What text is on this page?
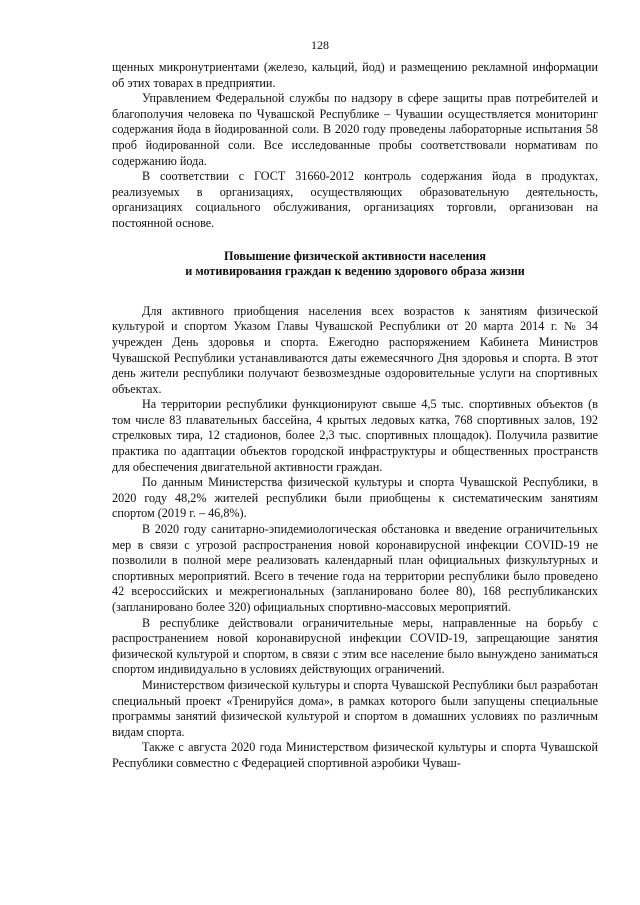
128

щенных микронутриентами (железо, кальций, йод) и размещению рекламной информации об этих товарах в предприятии.

Управлением Федеральной службы по надзору в сфере защиты прав потребителей и благополучия человека по Чувашской Республике – Чувашии осуществляется мониторинг содержания йода в йодированной соли. В 2020 году проведены лабораторные испытания 58 проб йодированной соли. Все исследованные пробы соответствовали нормативам по содержанию йода.

В соответствии с ГОСТ 31660-2012 контроль содержания йода в продуктах, реализуемых в организациях, осуществляющих образовательную деятельность, организациях социального обслуживания, организациях торговли, организован на постоянной основе.

Повышение физической активности населения
и мотивирования граждан к ведению здорового образа жизни

Для активного приобщения населения всех возрастов к занятиям физической культурой и спортом Указом Главы Чувашской Республики от 20 марта 2014 г. № 34 учрежден День здоровья и спорта. Ежегодно распоряжением Кабинета Министров Чувашской Республики устанавливаются даты ежемесячного Дня здоровья и спорта. В этот день жители республики получают безвозмездные оздоровительные услуги на спортивных объектах.

На территории республики функционируют свыше 4,5 тыс. спортивных объектов (в том числе 83 плавательных бассейна, 4 крытых ледовых катка, 768 спортивных залов, 192 стрелковых тира, 12 стадионов, более 2,3 тыс. спортивных площадок). Получила развитие практика по адаптации объектов городской инфраструктуры и общественных пространств для обеспечения двигательной активности граждан.

По данным Министерства физической культуры и спорта Чувашской Республики, в 2020 году 48,2% жителей республики были приобщены к систематическим занятиям спортом (2019 г. – 46,8%).

В 2020 году санитарно-эпидемиологическая обстановка и введение ограничительных мер в связи с угрозой распространения новой коронавирусной инфекции COVID-19 не позволили в полной мере реализовать календарный план официальных физкультурных и спортивных мероприятий. Всего в течение года на территории республики было проведено 42 всероссийских и межрегиональных (запланировано более 80), 168 республиканских (запланировано более 320) официальных спортивно-массовых мероприятий.

В республике действовали ограничительные меры, направленные на борьбу с распространением новой коронавирусной инфекции COVID-19, запрещающие занятия физической культурой и спортом, в связи с этим все население было вынуждено заниматься спортом индивидуально в условиях действующих ограничений.

Министерством физической культуры и спорта Чувашской Республики был разработан специальный проект «Тренируйся дома», в рамках которого были запущены специальные программы занятий физической культурой и спортом в домашних условиях по различным видам спорта.

Также с августа 2020 года Министерством физической культуры и спорта Чувашской Республики совместно с Федерацией спортивной аэробики Чуваш-
